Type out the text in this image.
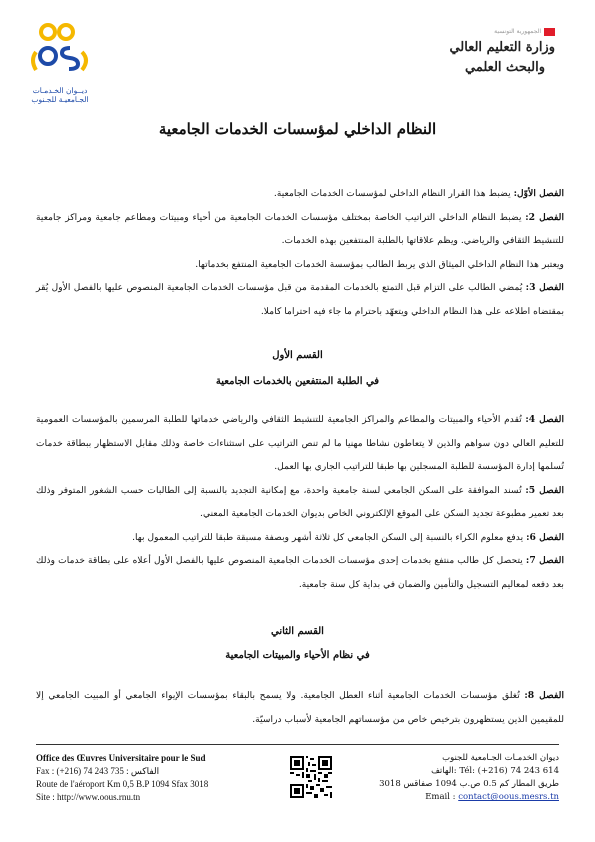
ديــوان الخـدمـات
الجـامعيـة للجـنوب
الجمهورية التونسية
وزارة التعليم العالي
والبحث العلمي
النظام الداخلي لمؤسسات الخدمات الجامعية
الفصل الأوّل: يضبط هذا القرار النظام الداخلي لمؤسسات الخدمات الجامعية.
الفصل 2: يضبط النظام الداخلي التراتيب الخاصة بمختلف مؤسسات الخدمات الجامعية من أحياء ومبيتات ومطاعم جامعية ومراكز جامعية للتنشيط الثقافي والرياضي. ويظم علاقاتها بالطلبة المنتفعين بهذه الخدمات.
ويعتبر هذا النظام الداخلي الميثاق الذي يربط الطالب بمؤسسة الخدمات الجامعية المنتفع بخدماتها.
الفصل 3: يُمضي الطالب على التزام قبل التمتع بالخدمات المقدمة من قبل مؤسسات الخدمات الجامعية المنصوص عليها بالفصل الأول يُقر بمقتضاه اطلاعه على هذا النظام الداخلي ويتعهّد باحترام ما جاء فيه احتراما كاملا.
القسم الأول
في الطلبة المنتفعين بالخدمات الجامعية
الفصل 4: تُقدم الأحياء والمبيتات والمطاعم والمراكز الجامعية للتنشيط الثقافي والرياضي خدماتها للطلبة المرسمين بالمؤسسات العمومية للتعليم العالي دون سواهم والذين لا يتعاطون نشاطا مهنيا ما لم تنص التراتيب على استثناءات خاصة وذلك مقابل الاستظهار ببطاقة خدمات تُسلمها إدارة المؤسسة للطلبة المسجلين بها طبقا للتراتيب الجاري بها العمل.
الفصل 5: تُسند الموافقة على السكن الجامعي لسنة جامعية واحدة، مع إمكانية التجديد بالنسبة إلى الطالبات حسب الشغور المتوفر وذلك بعد تعمير مطبوعة تجديد السكن على الموقع الإلكتروني الخاص بديوان الخدمات الجامعية المعني.
الفصل 6: يدفع معلوم الكراء بالنسبة إلى السكن الجامعي كل ثلاثة أشهر وبصفة مسبقة طبقا للتراتيب المعمول بها.
الفصل 7: يتحصل كل طالب منتفع بخدمات إحدى مؤسسات الخدمات الجامعية المنصوص عليها بالفصل الأول أعلاه على بطاقة خدمات وذلك بعد دفعه لمعاليم التسجيل والتأمين والضمان في بداية كل سنة جامعية.
القسم الثاني
في نظام الأحياء والمبيتات الجامعية
الفصل 8: تُغلق مؤسسات الخدمات الجامعية أثناء العطل الجامعية. ولا يسمح بالبقاء بمؤسسات الإيواء الجامعي أو المبيت الجامعي إلا للمقيمين الذين يستظهرون بترخيص خاص من مؤسساتهم الجامعية لأسباب دراسيّة.
Office des Œuvres Universitaire pour le Sud
Fax : (+216) 74 243 735 : الفاكس
Route de l'aéroport Km 0,5 B.P 1094 Sfax 3018
Site : http://www.oous.rnu.tn
ديوان الخدمـات الجـامعية للجنوب
Tél: (+216) 74 243 614 :الهاتف
طريق المطار كم 0.5 ص.ب 1094 صفاقس 3018
Email : contact@oous.mesrs.tn
